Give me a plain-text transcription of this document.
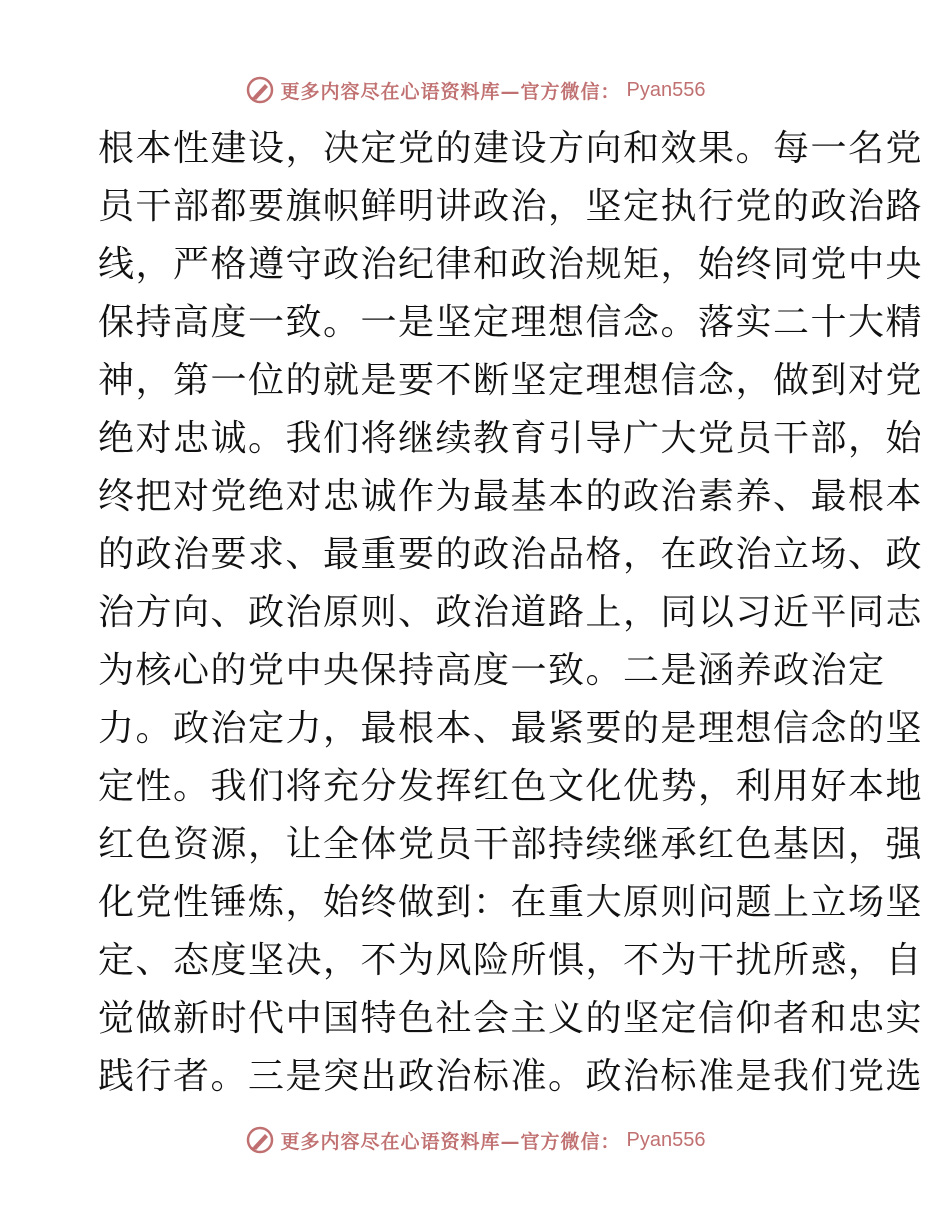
更多内容尽在心语资料库—官方微信： Pyan556
根本性建设，决定党的建设方向和效果。每一名党
员干部都要旗帜鲜明讲政治，坚定执行党的政治路
线，严格遵守政治纪律和政治规矩，始终同党中央
保持高度一致。一是坚定理想信念。落实二十大精
神，第一位的就是要不断坚定理想信念，做到对党
绝对忠诚。我们将继续教育引导广大党员干部，始
终把对党绝对忠诚作为最基本的政治素养、最根本
的政治要求、最重要的政治品格，在政治立场、政
治方向、政治原则、政治道路上，同以习近平同志
为核心的党中央保持高度一致。二是涵养政治定
力。政治定力，最根本、最紧要的是理想信念的坚
定性。我们将充分发挥红色文化优势，利用好本地
红色资源，让全体党员干部持续继承红色基因，强
化党性锤炼，始终做到：在重大原则问题上立场坚
定、态度坚决，不为风险所惧，不为干扰所惑，自
觉做新时代中国特色社会主义的坚定信仰者和忠实
践行者。三是突出政治标准。政治标准是我们党选
更多内容尽在心语资料库—官方微信： Pyan556
